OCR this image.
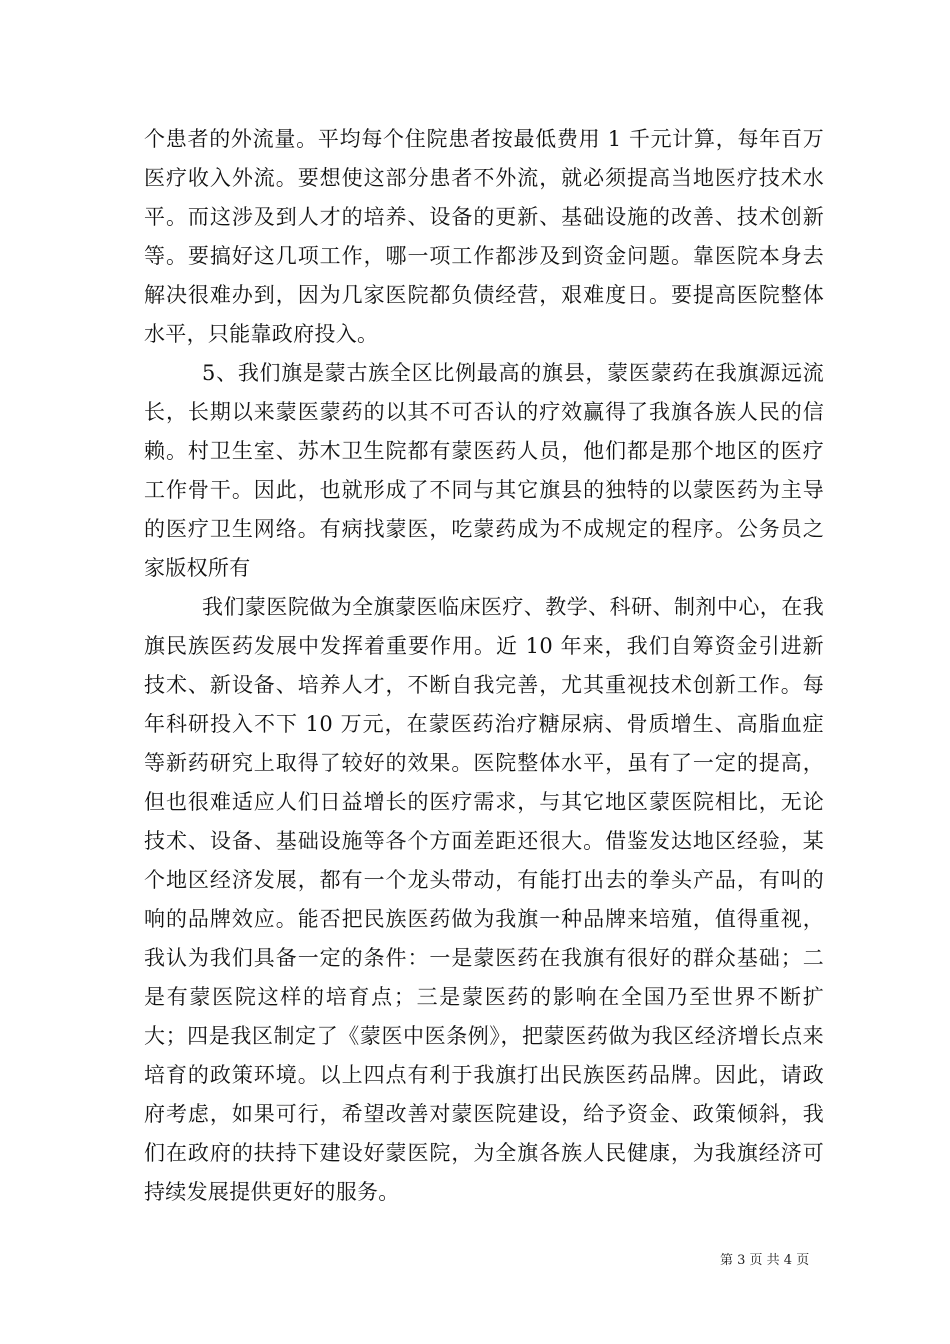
个患者的外流量。平均每个住院患者按最低费用 1 千元计算，每年百万医疗收入外流。要想使这部分患者不外流，就必须提高当地医疗技术水平。而这涉及到人才的培养、设备的更新、基础设施的改善、技术创新等。要搞好这几项工作，哪一项工作都涉及到资金问题。靠医院本身去解决很难办到，因为几家医院都负债经营，艰难度日。要提高医院整体水平，只能靠政府投入。

5、我们旗是蒙古族全区比例最高的旗县，蒙医蒙药在我旗源远流长，长期以来蒙医蒙药的以其不可否认的疗效赢得了我旗各族人民的信赖。村卫生室、苏木卫生院都有蒙医药人员，他们都是那个地区的医疗工作骨干。因此，也就形成了不同与其它旗县的独特的以蒙医药为主导的医疗卫生网络。有病找蒙医，吃蒙药成为不成规定的程序。公务员之家版权所有

我们蒙医院做为全旗蒙医临床医疗、教学、科研、制剂中心，在我旗民族医药发展中发挥着重要作用。近 10 年来，我们自筹资金引进新技术、新设备、培养人才，不断自我完善，尤其重视技术创新工作。每年科研投入不下 10 万元，在蒙医药治疗糖尿病、骨质增生、高脂血症等新药研究上取得了较好的效果。医院整体水平，虽有了一定的提高，但也很难适应人们日益增长的医疗需求，与其它地区蒙医院相比，无论技术、设备、基础设施等各个方面差距还很大。借鉴发达地区经验，某个地区经济发展，都有一个龙头带动，有能打出去的拳头产品，有叫的响的品牌效应。能否把民族医药做为我旗一种品牌来培殖，值得重视，我认为我们具备一定的条件：一是蒙医药在我旗有很好的群众基础；二是有蒙医院这样的培育点；三是蒙医药的影响在全国乃至世界不断扩大；四是我区制定了《蒙医中医条例》，把蒙医药做为我区经济增长点来培育的政策环境。以上四点有利于我旗打出民族医药品牌。因此，请政府考虑，如果可行，希望改善对蒙医院建设，给予资金、政策倾斜，我们在政府的扶持下建设好蒙医院，为全旗各族人民健康，为我旗经济可持续发展提供更好的服务。

第 3 页 共 4 页
